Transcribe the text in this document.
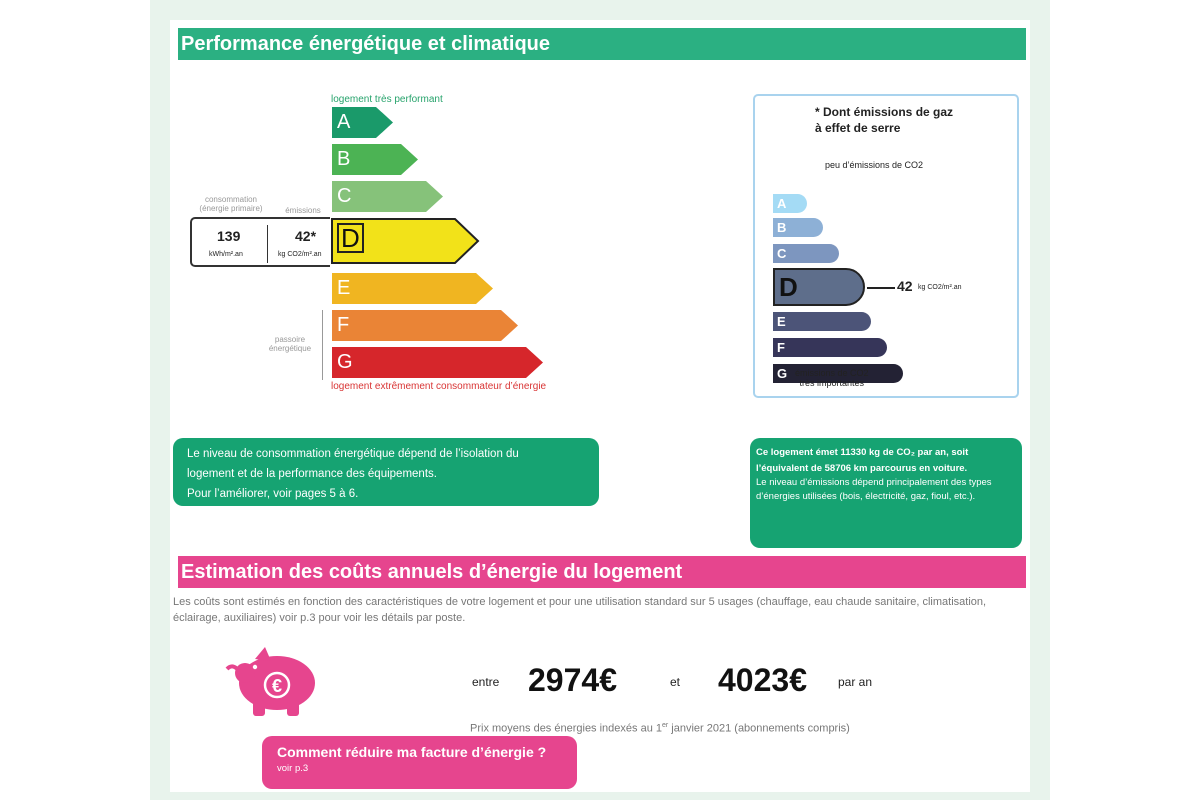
Performance énergétique et climatique
logement très performant
A
B
C
D
E
F
G
logement extrêmement consommateur d’énergie
consommation
(énergie primaire)	émissions
139
kWh/m².an
42*
kg CO2/m².an
passoire
énergétique
* Dont émissions de gaz
à effet de serre
peu d’émissions de CO2
A
B
C
D	42 kg CO2/m².an
E
F
G émissions de CO2
très importantes
Le niveau de consommation énergétique dépend de l’isolation du
logement et de la performance des équipements.
Pour l’améliorer, voir pages 5 à 6.
Ce logement émet 11330 kg de CO₂ par an, soit
l’équivalent de 58706 km parcourus en voiture.
Le niveau d’émissions dépend principalement des types d’énergies utilisées (bois, électricité, gaz, fioul, etc.).
Estimation des coûts annuels d’énergie du logement
Les coûts sont estimés en fonction des caractéristiques de votre logement et pour une utilisation standard sur 5 usages (chauffage, eau chaude sanitaire, climatisation, éclairage, auxiliaires) voir p.3 pour voir les détails par poste.
€	entre 2974€	et 4023€	par an
Prix moyens des énergies indexés au 1er janvier 2021 (abonnements compris)
Comment réduire ma facture d’énergie ?
voir p.3
